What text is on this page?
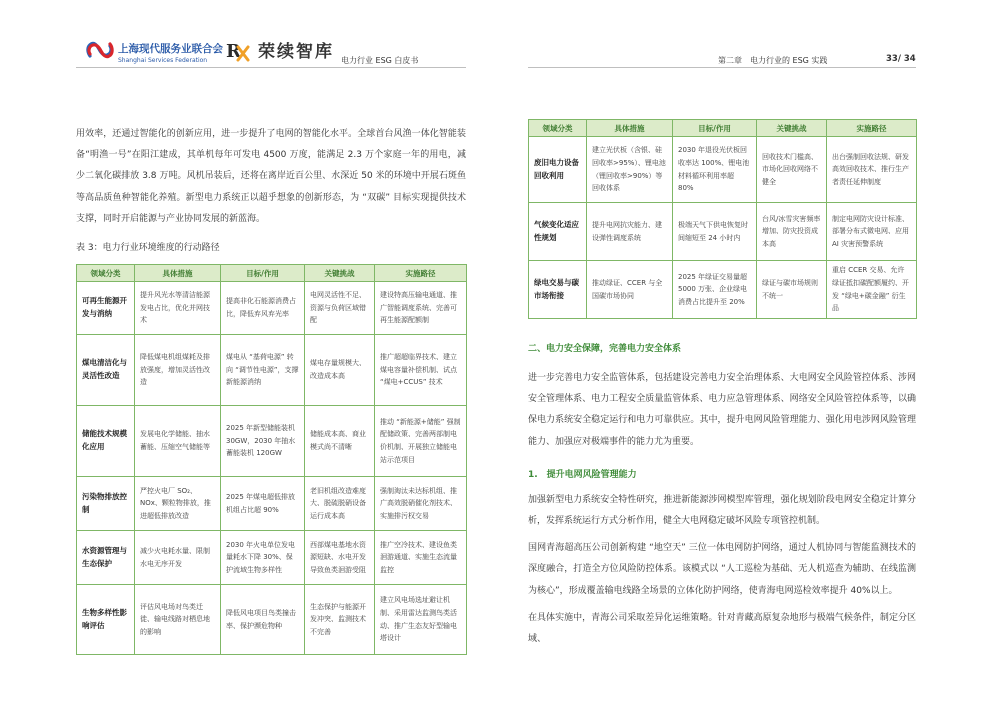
上海现代服务业联合会
Shanghai Services Federation	R 荣续智库 电力行业 ESG 白皮书	第二章　电力行业的 ESG 实践	33/ 34

用效率，还通过智能化的创新应用，进一步提升了电网的智能化水平。全球首台风渔一体化智能装备“明渔一号”在阳江建成，其单机每年可发电 4500 万度，能满足 2.3 万个家庭一年的用电，减少二氧化碳排放 3.8 万吨。风机吊装后，还将在离岸近百公里、水深近 50 米的环境中开展石斑鱼等高品质鱼种智能化养殖。新型电力系统正以超乎想象的创新形态，为 “双碳” 目标实现提供技术支撑，同时开启能源与产业协同发展的新蓝海。

表 3：电力行业环境维度的行动路径
领域分类	具体措施	目标/作用	关键挑战	实施路径
可再生能源开发与消纳	提升风光水等清洁能源发电占比，优化并网技术	提高非化石能源消费占比，降低弃风弃光率	电网灵活性不足、资源与负荷区域错配	建设特高压输电通道、推广智能调度系统、完善可再生能源配额制
煤电清洁化与灵活性改造	降低煤电机组煤耗及排放强度，增加灵活性改造	煤电从 “基荷电源” 转向 “调节性电源”，支撑新能源消纳	煤电存量规模大、改造成本高	推广超超临界技术、建立煤电容量补偿机制、试点 “煤电+CCUS” 技术
储能技术规模化应用	发展电化学储能、抽水蓄能、压缩空气储能等	2025 年新型储能装机 30GW，2030 年抽水蓄能装机 120GW	储能成本高、商业模式尚不清晰	推动 “新能源+储能” 强制配储政策、完善两部制电价机制、开展独立储能电站示范项目
污染物排放控制	严控火电厂 SO₂、NOx、颗粒物排放，推进超低排放改造	2025 年煤电超低排放机组占比超 90%	老旧机组改造难度大、脱硫脱硝设备运行成本高	强制淘汰未达标机组、推广高效脱硝催化剂技术、实施排污权交易
水资源管理与生态保护	减少火电耗水量、限制水电无序开发	2030 年火电单位发电量耗水下降 30%、保护流域生物多样性	西部煤电基地水资源短缺、水电开发导致鱼类洄游受阻	推广空冷技术、建设鱼类洄游通道、实施生态流量监控
生物多样性影响评估	评估风电场对鸟类迁徙、输电线路对栖息地的影响	降低风电项目鸟类撞击率、保护濒危物种	生态保护与能源开发冲突、监测技术不完善	建立风电场选址避让机制、采用雷达监测鸟类活动、推广生态友好型输电塔设计
领域分类	具体措施	目标/作用	关键挑战	实施路径
废旧电力设备回收利用	建立光伏板（含银、硅回收率>95%）、锂电池（锂回收率>90%）等回收体系	2030 年退役光伏板回收率达 100%、锂电池材料循环利用率超 80%	回收技术门槛高、市场化回收网络不健全	出台强制回收法规、研发高效回收技术、推行生产者责任延伸制度
气候变化适应性规划	提升电网抗灾能力、建设弹性调度系统	极端天气下供电恢复时间缩短至 24 小时内	台风/冰雪灾害频率增加、防灾投资成本高	制定电网防灾设计标准、部署分布式微电网、应用 AI 灾害预警系统
绿电交易与碳市场衔接	推动绿证、CCER 与全国碳市场协同	2025 年绿证交易量超 5000 万张、企业绿电消费占比提升至 20%	绿证与碳市场规则不统一	重启 CCER 交易、允许绿证抵扣碳配额履约、开发 “绿电+碳金融” 衍生品
二、电力安全保障，完善电力安全体系

进一步完善电力安全监管体系，包括建设完善电力安全治理体系、大电网安全风险管控体系、涉网安全管理体系、电力工程安全质量监管体系、电力应急管理体系、网络安全风险管控体系等，以确保电力系统安全稳定运行和电力可靠供应。其中，提升电网风险管理能力、强化用电涉网风险管理能力、加强应对极端事件的能力尤为重要。

1.　提升电网风险管理能力

加强新型电力系统安全特性研究，推进新能源涉网模型库管理，强化规划阶段电网安全稳定计算分析，发挥系统运行方式分析作用，健全大电网稳定破坏风险专项管控机制。

国网青海超高压公司创新构建 “地空天” 三位一体电网防护网络，通过人机协同与智能监测技术的深度融合，打造全方位风险防控体系。该模式以 “人工巡检为基础、无人机巡查为辅助、在线监测为核心”，形成覆盖输电线路全场景的立体化防护网络，使青海电网巡检效率提升 40%以上。

在具体实施中，青海公司采取差异化运维策略。针对青藏高原复杂地形与极端气候条件，制定分区域、
